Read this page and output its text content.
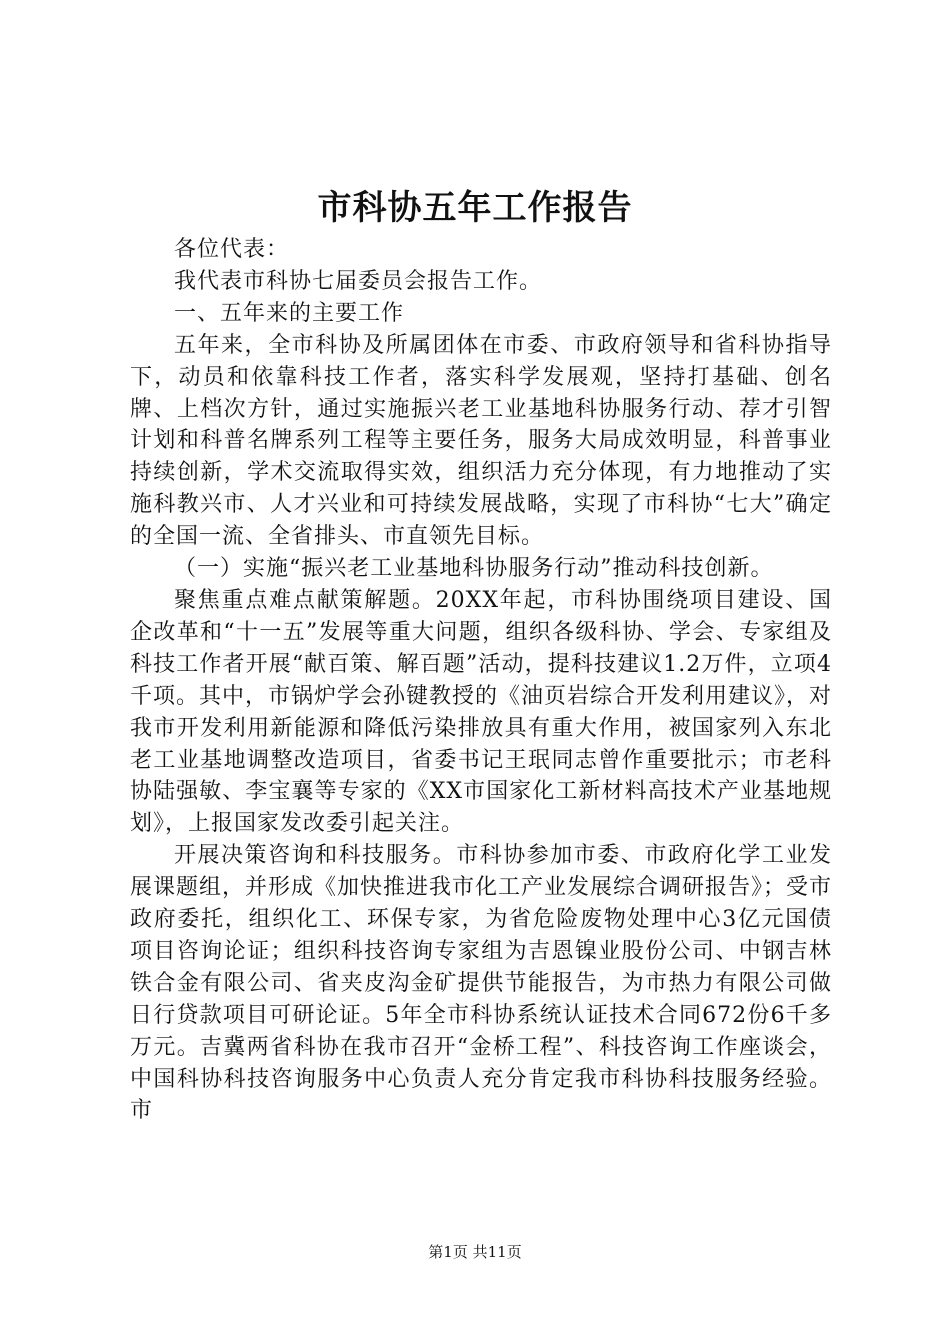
市科协五年工作报告

各位代表：

我代表市科协七届委员会报告工作。

一、五年来的主要工作

五年来，全市科协及所属团体在市委、市政府领导和省科协指导下，动员和依靠科技工作者，落实科学发展观，坚持打基础、创名牌、上档次方针，通过实施振兴老工业基地科协服务行动、荐才引智计划和科普名牌系列工程等主要任务，服务大局成效明显，科普事业持续创新，学术交流取得实效，组织活力充分体现，有力地推动了实施科教兴市、人才兴业和可持续发展战略，实现了市科协“七大”确定的全国一流、全省排头、市直领先目标。

（一）实施“振兴老工业基地科协服务行动”推动科技创新。

聚焦重点难点献策解题。20XX年起，市科协围绕项目建设、国企改革和“十一五”发展等重大问题，组织各级科协、学会、专家组及科技工作者开展“献百策、解百题”活动，提科技建议1.2万件，立项4千项。其中，市锅炉学会孙键教授的《油页岩综合开发利用建议》，对我市开发利用新能源和降低污染排放具有重大作用，被国家列入东北老工业基地调整改造项目，省委书记王珉同志曾作重要批示；市老科协陆强敏、李宝襄等专家的《XX市国家化工新材料高技术产业基地规划》，上报国家发改委引起关注。

开展决策咨询和科技服务。市科协参加市委、市政府化学工业发展课题组，并形成《加快推进我市化工产业发展综合调研报告》；受市政府委托，组织化工、环保专家，为省危险废物处理中心3亿元国债项目咨询论证；组织科技咨询专家组为吉恩镍业股份公司、中钢吉林铁合金有限公司、省夹皮沟金矿提供节能报告，为市热力有限公司做日行贷款项目可研论证。5年全市科协系统认证技术合同672份6千多万元。吉冀两省科协在我市召开“金桥工程”、科技咨询工作座谈会，中国科协科技咨询服务中心负责人充分肯定我市科协科技服务经验。市

第1页 共11页
